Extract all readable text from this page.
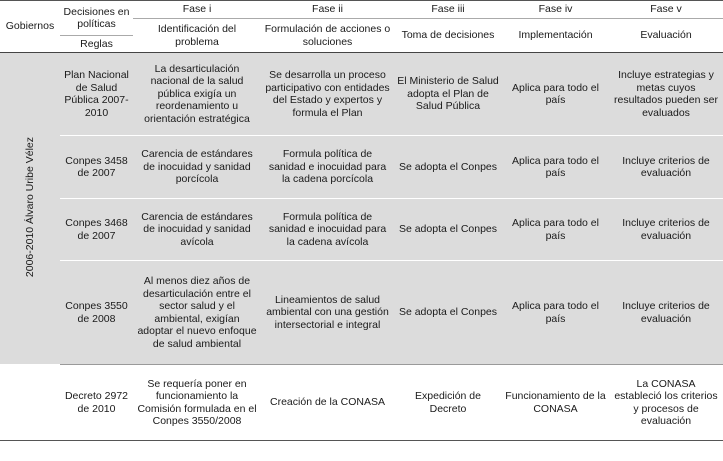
Gobiernos	Decisiones en políticas	Fase i	Fase ii	Fase iii	Fase iv	Fase v
		Identificación del problema	Formulación de acciones o soluciones	Toma de decisiones	Implementación	Evaluación
	Reglas					
2006-2010 Álvaro Uribe Vélez	Plan Nacional de Salud Pública 2007-2010	La desarticulación nacional de la salud pública exigía un reordenamiento u orientación estratégica	Se desarrolla un proceso participativo con entidades del Estado y expertos y formula el Plan	El Ministerio de Salud adopta el Plan de Salud Pública	Aplica para todo el país	Incluye estrategias y metas cuyos resultados pueden ser evaluados
	Conpes 3458 de 2007	Carencia de estándares de inocuidad y sanidad porcícola	Formula política de sanidad e inocuidad para la cadena porcícola	Se adopta el Conpes	Aplica para todo el país	Incluye criterios de evaluación
	Conpes 3468 de 2007	Carencia de estándares de inocuidad y sanidad avícola	Formula política de sanidad e inocuidad para la cadena avícola	Se adopta el Conpes	Aplica para todo el país	Incluye criterios de evaluación
	Conpes 3550 de 2008	Al menos diez años de desarticulación entre el sector salud y el ambiental, exigían adoptar el nuevo enfoque de salud ambiental	Lineamientos de salud ambiental con una gestión intersectorial e integral	Se adopta el Conpes	Aplica para todo el país	Incluye criterios de evaluación
	Decreto 2972 de 2010	Se requería poner en funcionamiento la Comisión formulada en el Conpes 3550/2008	Creación de la CONASA	Expedición de Decreto	Funcionamiento de la CONASA	La CONASA estableció los criterios y procesos de evaluación
